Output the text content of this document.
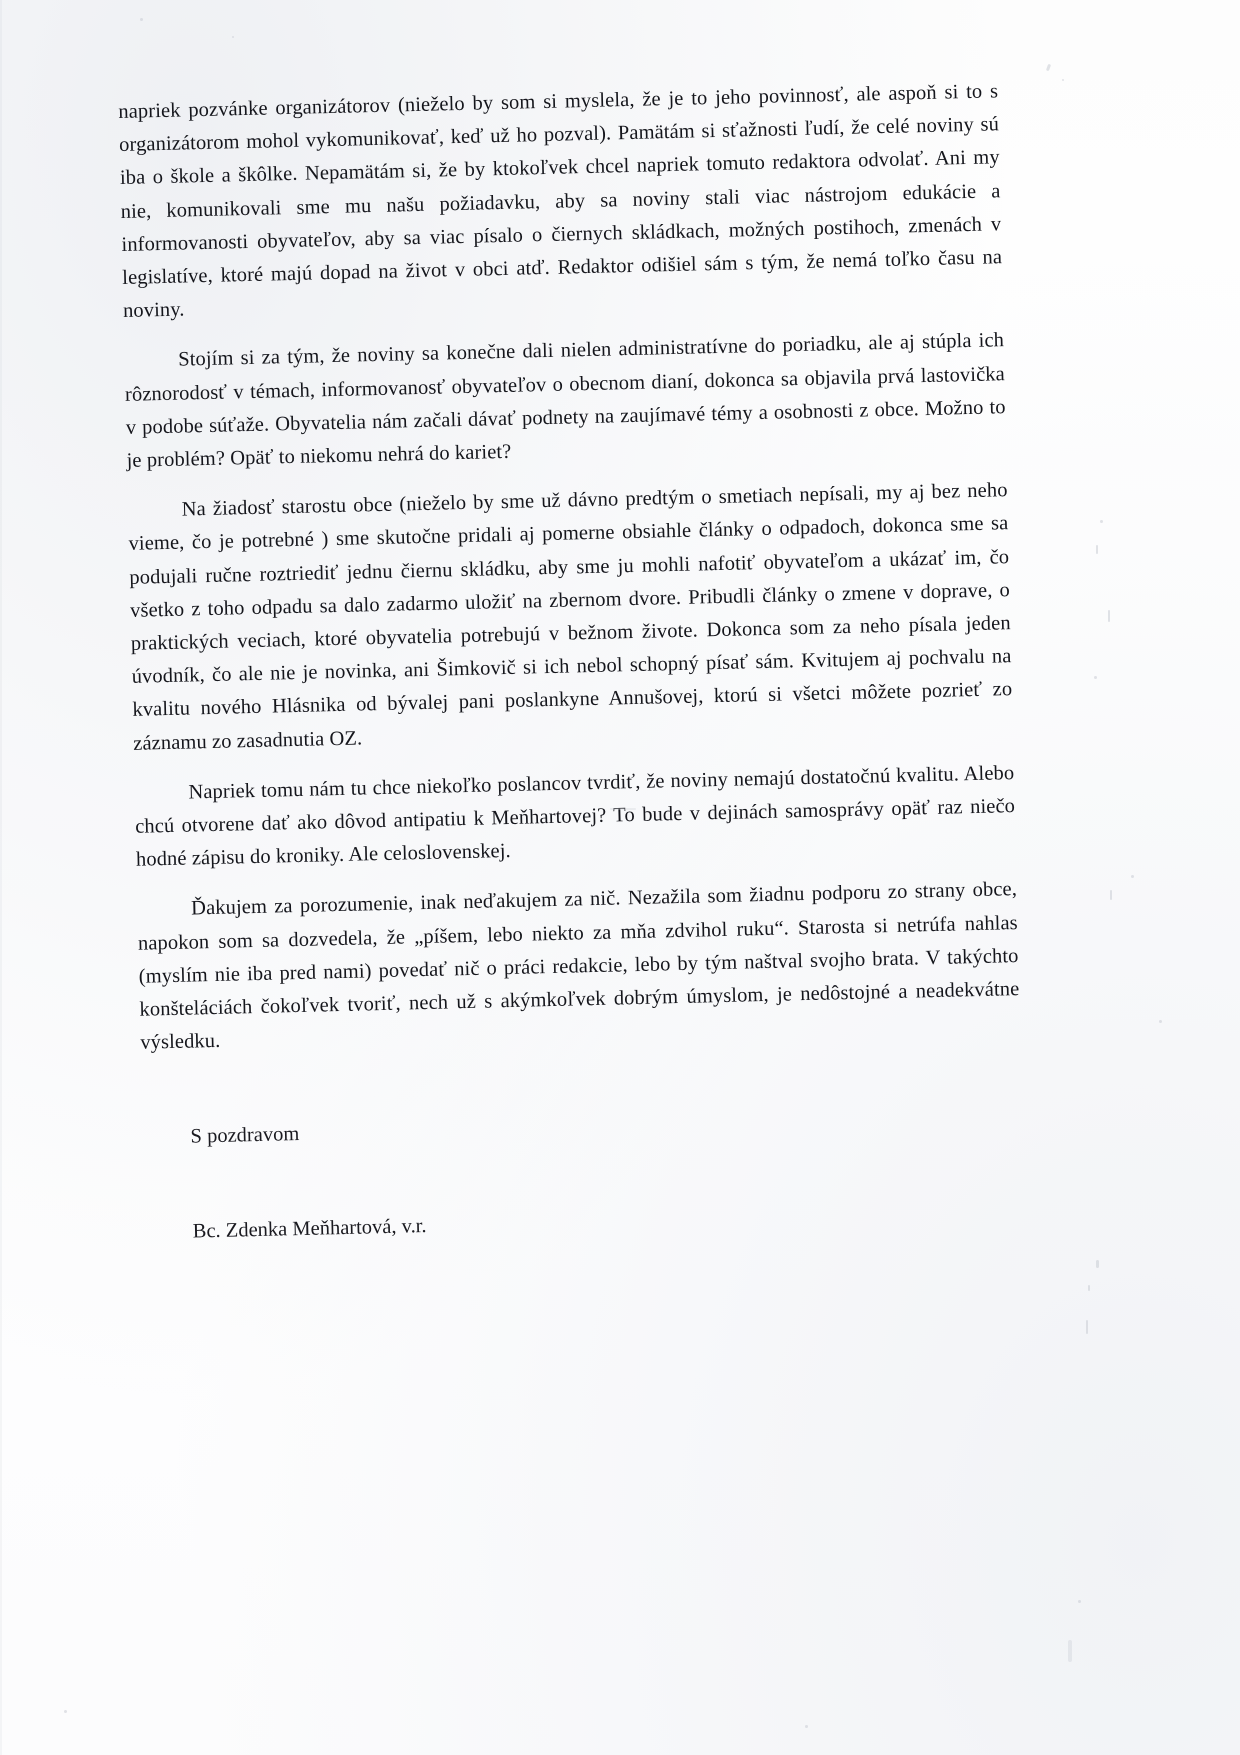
napriek pozvánke organizátorov (nieželo by som si myslela, že je to jeho povinnosť, ale aspoň si to s organizátorom mohol vykomunikovať, keď už ho pozval). Pamätám si sťažnosti ľudí, že celé noviny sú iba o škole a škôlke. Nepamätám si, že by ktokoľvek chcel napriek tomuto redaktora odvolať. Ani my nie, komunikovali sme mu našu požiadavku, aby sa noviny stali viac nástrojom edukácie a informovanosti obyvateľov, aby sa viac písalo o čiernych skládkach, možných postihoch, zmenách v legislatíve, ktoré majú dopad na život v obci atď. Redaktor odišiel sám s tým, že nemá toľko času na noviny.

Stojím si za tým, že noviny sa konečne dali nielen administratívne do poriadku, ale aj stúpla ich rôznorodosť v témach, informovanosť obyvateľov o obecnom dianí, dokonca sa objavila prvá lastovička v podobe súťaže. Obyvatelia nám začali dávať podnety na zaujímavé témy a osobnosti z obce. Možno to je problém? Opäť to niekomu nehrá do kariet?

Na žiadosť starostu obce (nieželo by sme už dávno predtým o smetiach nepísali, my aj bez neho vieme, čo je potrebné ) sme skutočne pridali aj pomerne obsiahle články o odpadoch, dokonca sme sa podujali ručne roztriediť jednu čiernu skládku, aby sme ju mohli nafotiť obyvateľom a ukázať im, čo všetko z toho odpadu sa dalo zadarmo uložiť na zbernom dvore. Pribudli články o zmene v doprave, o praktických veciach, ktoré obyvatelia potrebujú v bežnom živote. Dokonca som za neho písala jeden úvodník, čo ale nie je novinka, ani Šimkovič si ich nebol schopný písať sám. Kvitujem aj pochvalu na kvalitu nového Hlásnika od bývalej pani poslankyne Annušovej, ktorú si všetci môžete pozrieť zo záznamu zo zasadnutia OZ.

Napriek tomu nám tu chce niekoľko poslancov tvrdiť, že noviny nemajú dostatočnú kvalitu. Alebo chcú otvorene dať ako dôvod antipatiu k Meňhartovej? To bude v dejinách samosprávy opäť raz niečo hodné zápisu do kroniky. Ale celoslovenskej.

Ďakujem za porozumenie, inak neďakujem za nič. Nezažila som žiadnu podporu zo strany obce, napokon som sa dozvedela, že „píšem, lebo niekto za mňa zdvihol ruku“. Starosta si netrúfa nahlas (myslím nie iba pred nami) povedať nič o práci redakcie, lebo by tým naštval svojho brata. V takýchto konšteláciách čokoľvek tvoriť, nech už s akýmkoľvek dobrým úmyslom, je nedôstojné a neadekvátne výsledku.

S pozdravom
Bc. Zdenka Meňhartová, v.r.
